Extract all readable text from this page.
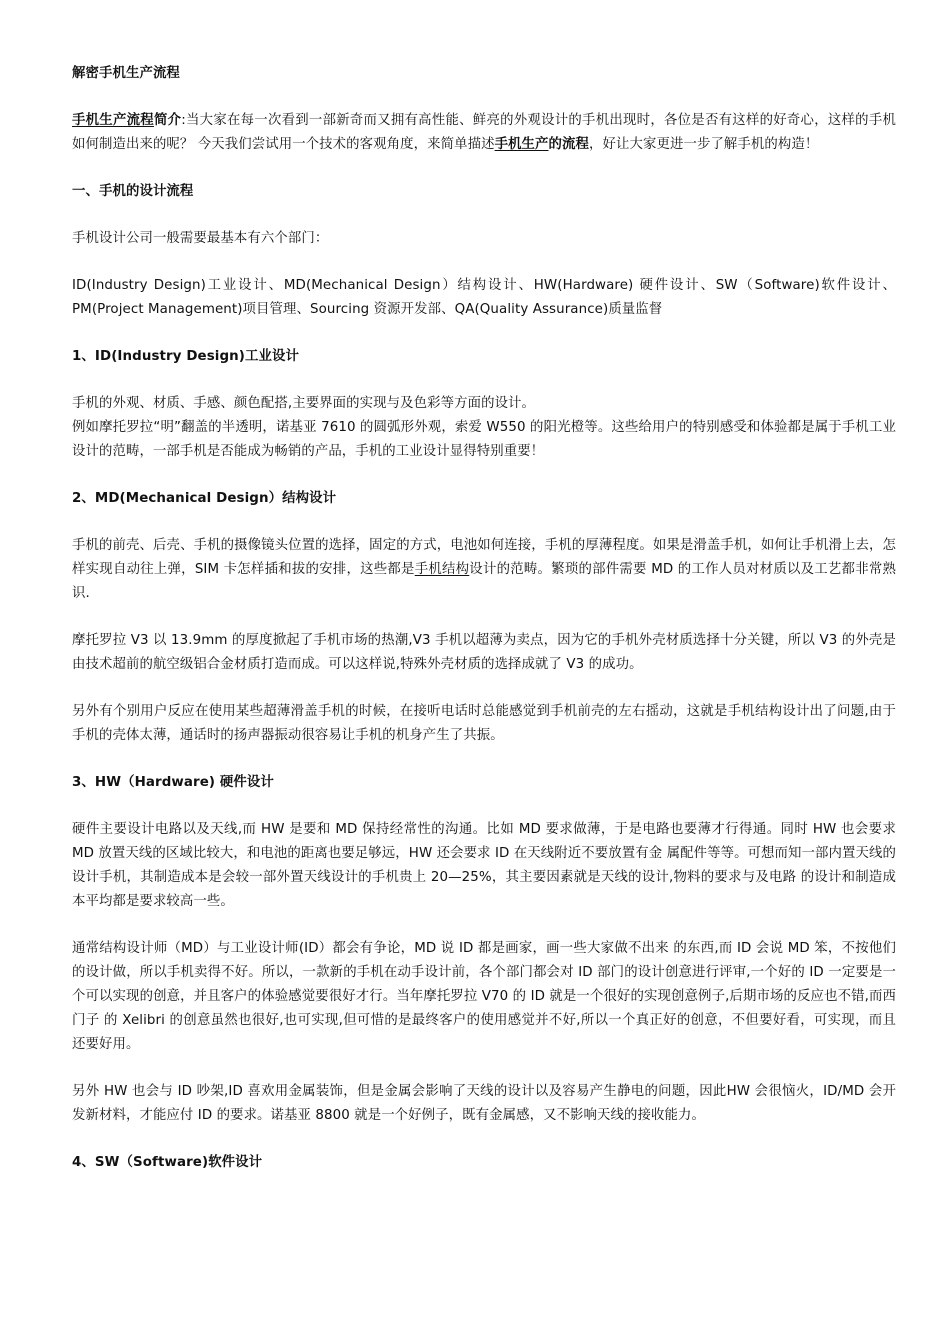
解密手机生产流程

手机生产流程简介:当大家在每一次看到一部新奇而又拥有高性能、鲜亮的外观设计的手机出现时，各位是否有这样的好奇心，这样的手机如何制造出来的呢？ 今天我们尝试用一个技术的客观角度，来简单描述手机生产的流程，好让大家更进一步了解手机的构造！

一、手机的设计流程

手机设计公司一般需要最基本有六个部门：

ID(Industry Design)工业设计、MD(Mechanical Design）结构设计、HW(Hardware) 硬件设计、SW（Software)软件设计、PM(Project Management)项目管理、Sourcing 资源开发部、QA(Quality Assurance)质量监督

1、ID(Industry Design)工业设计

手机的外观、材质、手感、颜色配搭,主要界面的实现与及色彩等方面的设计。

例如摩托罗拉“明”翻盖的半透明，诺基亚 7610 的圆弧形外观，索爱 W550 的阳光橙等。这些给用户的特别感受和体验都是属于手机工业设计的范畴，一部手机是否能成为畅销的产品，手机的工业设计显得特别重要！

2、MD(Mechanical Design）结构设计

手机的前壳、后壳、手机的摄像镜头位置的选择，固定的方式，电池如何连接，手机的厚薄程度。如果是滑盖手机，如何让手机滑上去，怎样实现自动往上弹，SIM 卡怎样插和拔的安排，这些都是手机结构设计的范畴。繁琐的部件需要 MD 的工作人员对材质以及工艺都非常熟识.

摩托罗拉 V3 以 13.9mm 的厚度掀起了手机市场的热潮,V3 手机以超薄为卖点，因为它的手机外壳材质选择十分关键，所以 V3 的外壳是由技术超前的航空级铝合金材质打造而成。可以这样说,特殊外壳材质的选择成就了 V3 的成功。

另外有个别用户反应在使用某些超薄滑盖手机的时候，在接听电话时总能感觉到手机前壳的左右摇动，这就是手机结构设计出了问题,由于手机的壳体太薄，通话时的扬声器振动很容易让手机的机身产生了共振。

3、HW（Hardware) 硬件设计

硬件主要设计电路以及天线,而 HW 是要和 MD 保持经常性的沟通。比如 MD 要求做薄，于是电路也要薄才行得通。同时 HW 也会要求 MD 放置天线的区域比较大，和电池的距离也要足够远，HW 还会要求 ID 在天线附近不要放置有金 属配件等等。可想而知一部内置天线的设计手机，其制造成本是会较一部外置天线设计的手机贵上 20—25%，其主要因素就是天线的设计,物料的要求与及电路 的设计和制造成本平均都是要求较高一些。

通常结构设计师（MD）与工业设计师(ID）都会有争论，MD 说 ID 都是画家，画一些大家做不出来 的东西,而 ID 会说 MD 笨，不按他们的设计做，所以手机卖得不好。所以，一款新的手机在动手设计前，各个部门都会对 ID 部门的设计创意进行评审,一个好的 ID 一定要是一个可以实现的创意，并且客户的体验感觉要很好才行。当年摩托罗拉 V70 的 ID 就是一个很好的实现创意例子,后期市场的反应也不错,而西门子 的 Xelibri 的创意虽然也很好,也可实现,但可惜的是最终客户的使用感觉并不好,所以一个真正好的创意，不但要好看，可实现，而且还要好用。

另外 HW 也会与 ID 吵架,ID 喜欢用金属装饰，但是金属会影响了天线的设计以及容易产生静电的问题，因此HW 会很恼火，ID/MD 会开发新材料，才能应付 ID 的要求。诺基亚 8800 就是一个好例子，既有金属感，又不影响天线的接收能力。

4、SW（Software)软件设计
